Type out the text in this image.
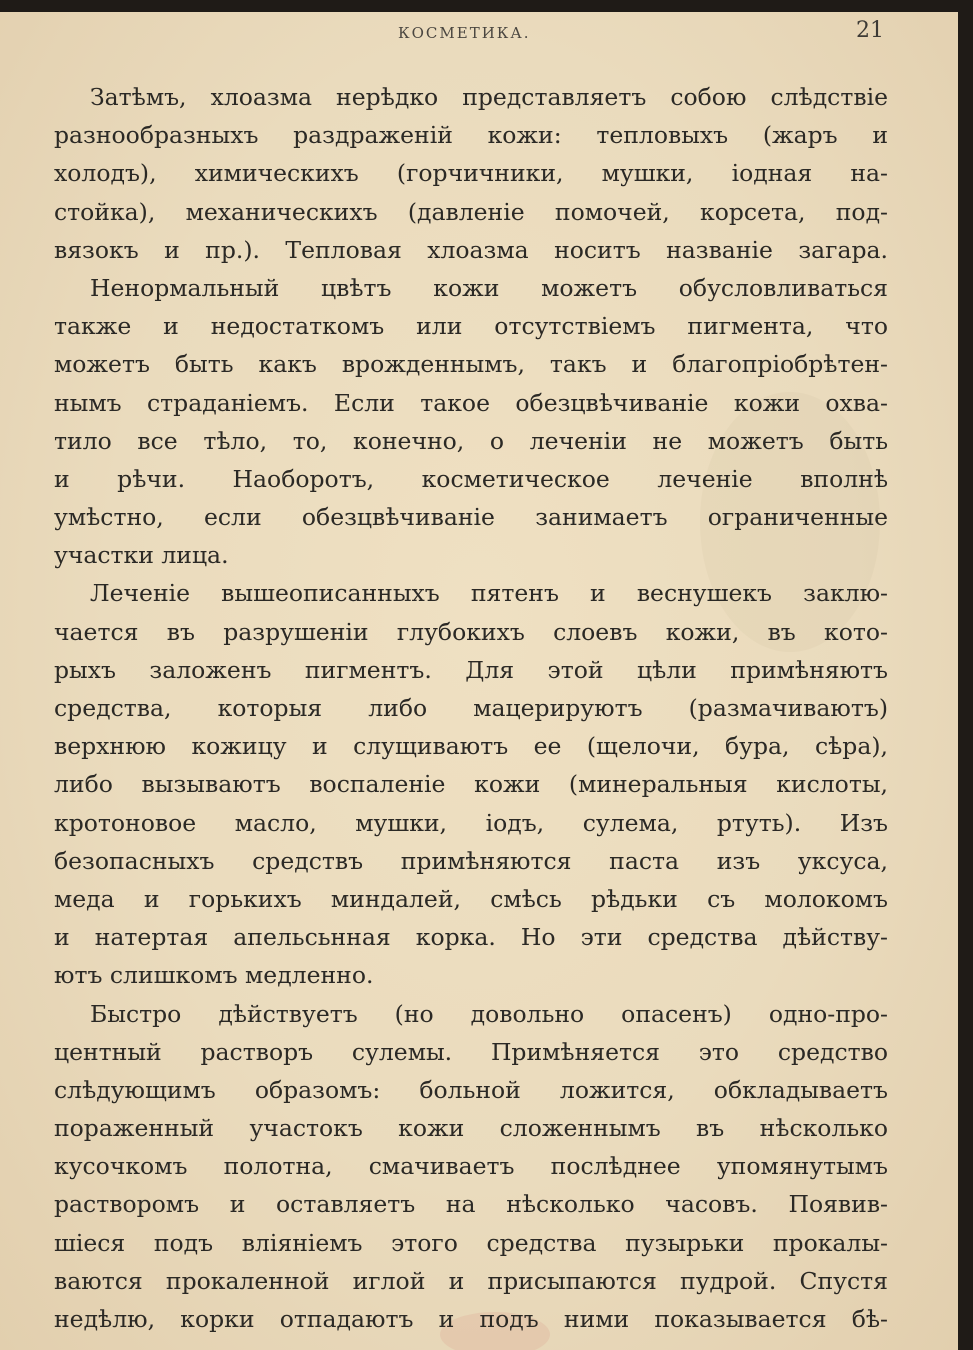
КОСМЕТИКА.	21
Затѣмъ, хлоазма нерѣдко представляетъ собою слѣдствіе
разнообразныхъ раздраженій кожи: тепловыхъ (жаръ и
холодъ), химическихъ (горчичники, мушки, іодная на-
стойка), механическихъ (давленіе помочей, корсета, под-
вязокъ и пр.). Тепловая хлоазма носитъ названіе загара.
Ненормальный цвѣтъ кожи можетъ обусловливаться
также и недостаткомъ или отсутствіемъ пигмента, что
можетъ быть какъ врожденнымъ, такъ и благопріобрѣтен-
нымъ страданіемъ. Если такое обезцвѣчиваніе кожи охва-
тило все тѣло, то, конечно, о леченіи не можетъ быть
и рѣчи. Наоборотъ, косметическое леченіе вполнѣ
умѣстно, если обезцвѣчиваніе занимаетъ ограниченные
участки лица.
Леченіе вышеописанныхъ пятенъ и веснушекъ заклю-
чается въ разрушеніи глубокихъ слоевъ кожи, въ кото-
рыхъ заложенъ пигментъ. Для этой цѣли примѣняютъ
средства, которыя либо мацерируютъ (размачиваютъ)
верхнюю кожицу и слущиваютъ ее (щелочи, бура, сѣра),
либо вызываютъ воспаленіе кожи (минеральныя кислоты,
кротоновое масло, мушки, іодъ, сулема, ртуть). Изъ
безопасныхъ средствъ примѣняются паста изъ уксуса,
меда и горькихъ миндалей, смѣсь рѣдьки съ молокомъ
и натертая апельсьнная корка. Но эти средства дѣйству-
ютъ слишкомъ медленно.
Быстро дѣйствуетъ (но довольно опасенъ) одно-про-
центный растворъ сулемы. Примѣняется это средство
слѣдующимъ образомъ: больной ложится, обкладываетъ
пораженный участокъ кожи сложеннымъ въ нѣсколько
кусочкомъ полотна, смачиваетъ послѣднее упомянутымъ
растворомъ и оставляетъ на нѣсколько часовъ. Появив-
шіеся подъ вліяніемъ этого средства пузырьки прокалы-
ваются прокаленной иглой и присыпаются пудрой. Спустя
недѣлю, корки отпадаютъ и подъ ними показывается бѣ-
